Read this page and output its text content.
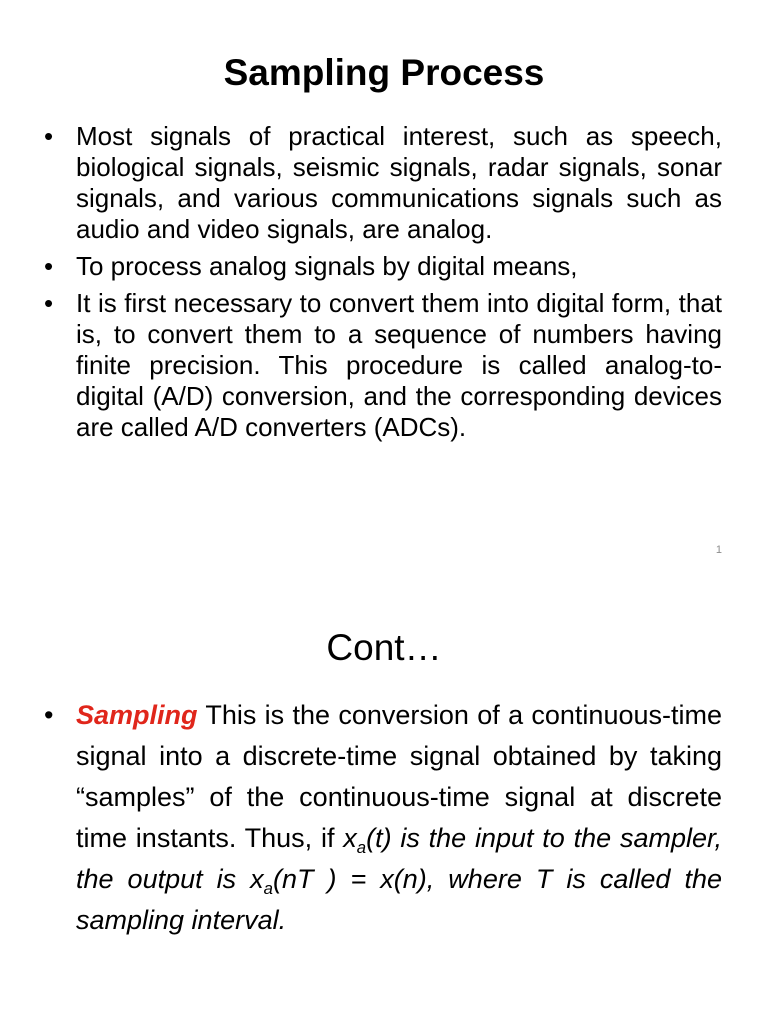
Sampling Process
• Most signals of practical interest, such as speech, biological signals, seismic signals, radar signals, sonar signals, and various communications signals such as audio and video signals, are analog.
• To process analog signals by digital means,
• It is first necessary to convert them into digital form, that is, to convert them to a sequence of numbers having finite precision. This procedure is called analog-to-digital (A/D) conversion, and the corresponding devices are called A/D converters (ADCs).
1
Cont…
• Sampling This is the conversion of a continuous-time signal into a discrete-time signal obtained by taking “samples” of the continuous-time signal at discrete time instants. Thus, if $x_a(t)$ is the input to the sampler, the output is $x_a(nT$ ) = x(n), where T is called the sampling interval.
